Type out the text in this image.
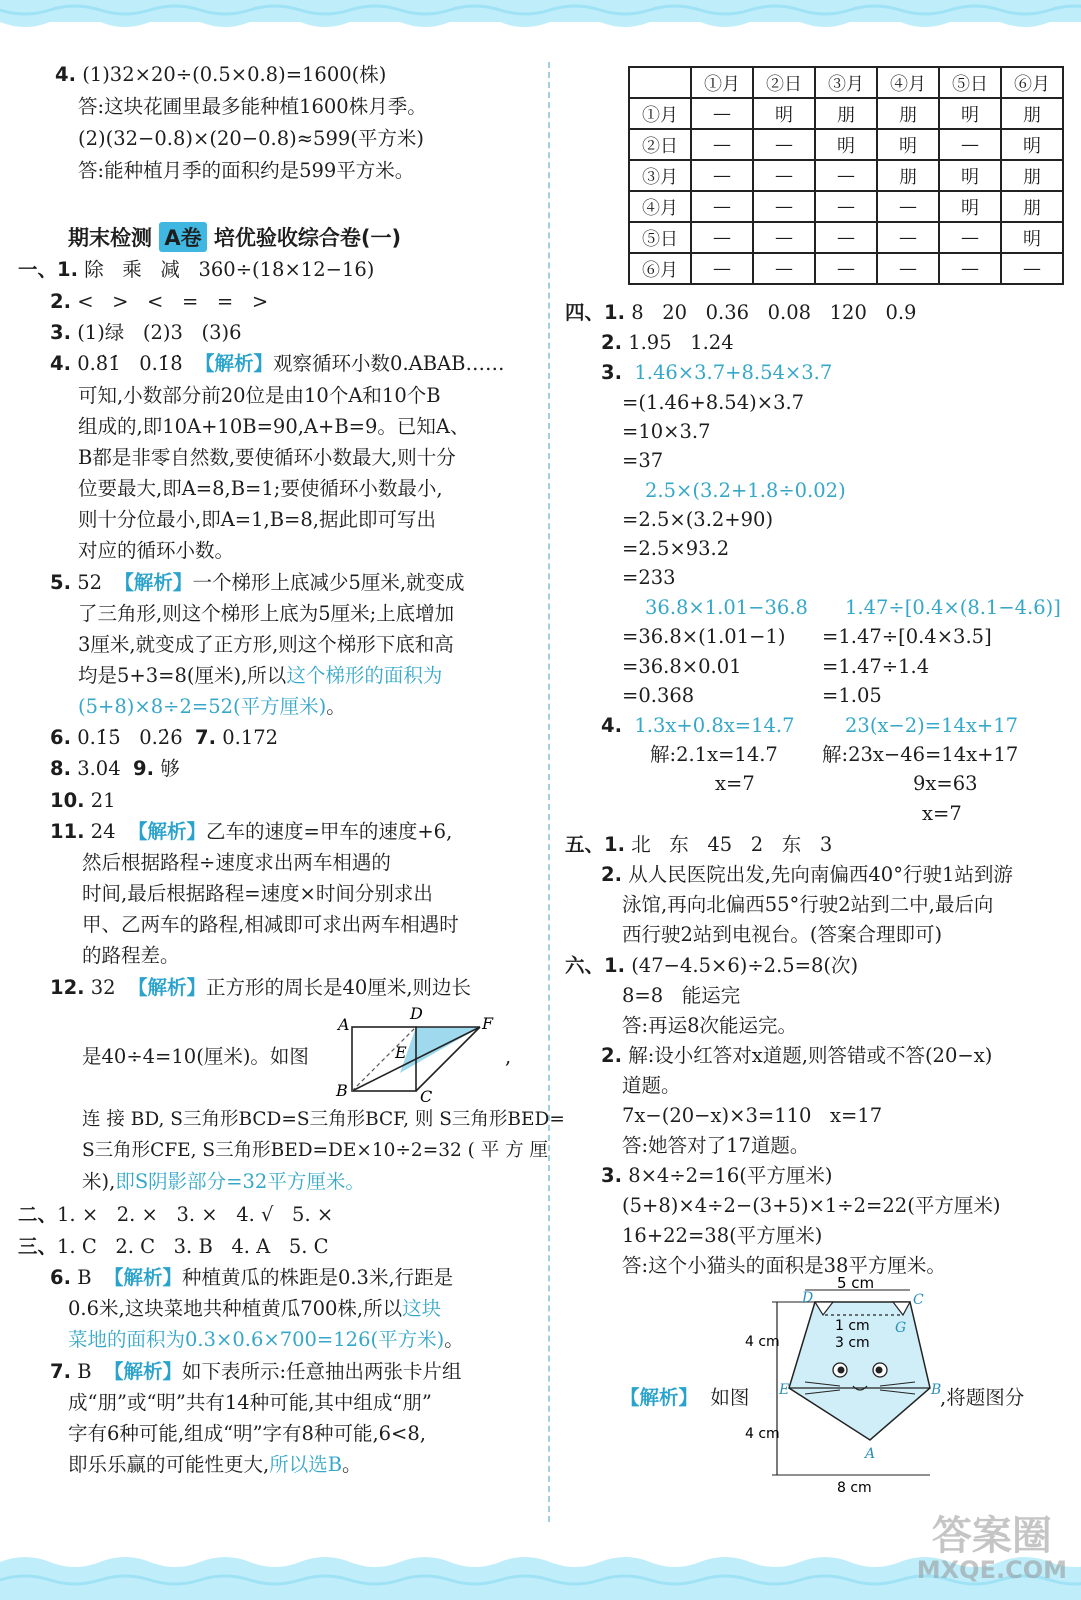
4. (1)32×20÷(0.5×0.8)=1600(株)
答:这块花圃里最多能种植1600株月季。
(2)(32−0.8)×(20−0.8)≈599(平方米)
答:能种植月季的面积约是599平方米。
期末检测 A卷 培优验收综合卷(一)
一、1. 除   乘   减   360÷(18×12−16)
2. <   >   <   =   =   >
3. (1)绿   (2)3   (3)6
4. 0.8̇1̇   0.1̇8̇ 【解析】观察循环小数0.ABAB……
可知,小数部分前20位是由10个A和10个B
组成的,即10A+10B=90,A+B=9。已知A、
B都是非零自然数,要使循环小数最大,则十分
位要最大,即A=8,B=1;要使循环小数最小,
则十分位最小,即A=1,B=8,据此即可写出
对应的循环小数。
5. 52 【解析】一个梯形上底减少5厘米,就变成
了三角形,则这个梯形上底为5厘米;上底增加
3厘米,就变成了正方形,则这个梯形下底和高
均是5+3=8(厘米),所以这个梯形的面积为
(5+8)×8÷2=52(平方厘米)。
6. 0.1̇5̇   0.2̇6̇ 7. 0.172
8. 3.04 9. 够
10. 21
11. 24 【解析】乙车的速度=甲车的速度+6,
然后根据路程÷速度求出两车相遇的
时间,最后根据路程=速度×时间分别求出
甲、乙两车的路程,相减即可求出两车相遇时
的路程差。
12. 32 【解析】正方形的周长是40厘米,则边长
是40÷4=10(厘米)。如图	,
A
D
F
E
B	C
连 接 BD, S三角形BCD=S三角形BCF, 则 S三角形BED=
S三角形CFE, S三角形BED=DE×10÷2=32 ( 平 方 厘
米),即S阴影部分=32平方厘米。
二、1. ×   2. ×   3. ×   4. √   5. ×
三、1. C   2. C   3. B   4. A   5. C
6. B 【解析】种植黄瓜的株距是0.3米,行距是
0.6米,这块菜地共种植黄瓜700株,所以这块
菜地的面积为0.3×0.6×700=126(平方米)。
7. B 【解析】如下表所示:任意抽出两张卡片组
成“朋”或“明”共有14种可能,其中组成“朋”
字有6种可能,组成“明”字有8种可能,6<8,
即乐乐赢的可能性更大,所以选B。
	①月	②日	③月	④月	⑤日	⑥月
①月	—	明	朋	朋	明	朋
②日	—	—	明	明	—	明
③月	—	—	—	朋	明	朋
④月	—	—	—	—	明	朋
⑤日	—	—	—	—	—	明
⑥月	—	—	—	—	—	—
四、1. 8   20   0.36   0.08   120   0.9
2. 1.95   1.24
3. 1.46×3.7+8.54×3.7
=(1.46+8.54)×3.7
=10×3.7
=37
2.5×(3.2+1.8÷0.02)
=2.5×(3.2+90)
=2.5×93.2
=233
36.8×1.01−36.8 1.47÷[0.4×(8.1−4.6)]
=36.8×(1.01−1) =1.47÷[0.4×3.5]
=36.8×0.01	=1.47÷1.4
=0.368	=1.05
4. 1.3x+0.8x=14.7	23(x−2)=14x+17
解:2.1x=14.7 解:23x−46=14x+17
x=7	9x=63
x=7
五、1. 北   东   45   2   东   3
2. 从人民医院出发,先向南偏西40°行驶1站到游
泳馆,再向北偏西55°行驶2站到二中,最后向
西行驶2站到电视台。(答案合理即可)
六、1. (47−4.5×6)÷2.5=8(次)
8=8   能运完
答:再运8次能运完。
2. 解:设小红答对x道题,则答错或不答(20−x)
道题。
7x−(20−x)×3=110   x=17
答:她答对了17道题。
3. 8×4÷2=16(平方厘米)
(5+8)×4÷2−(3+5)×1÷2=22(平方厘米)
16+22=38(平方厘米)
答:这个小猫头的面积是38平方厘米。
【解析】 如图	,将题图分
5 cm
1 cm
3 cm
4 cm
4 cm
8 cm
D	C
G
E	B
A
答案圈
MXQE.COM
